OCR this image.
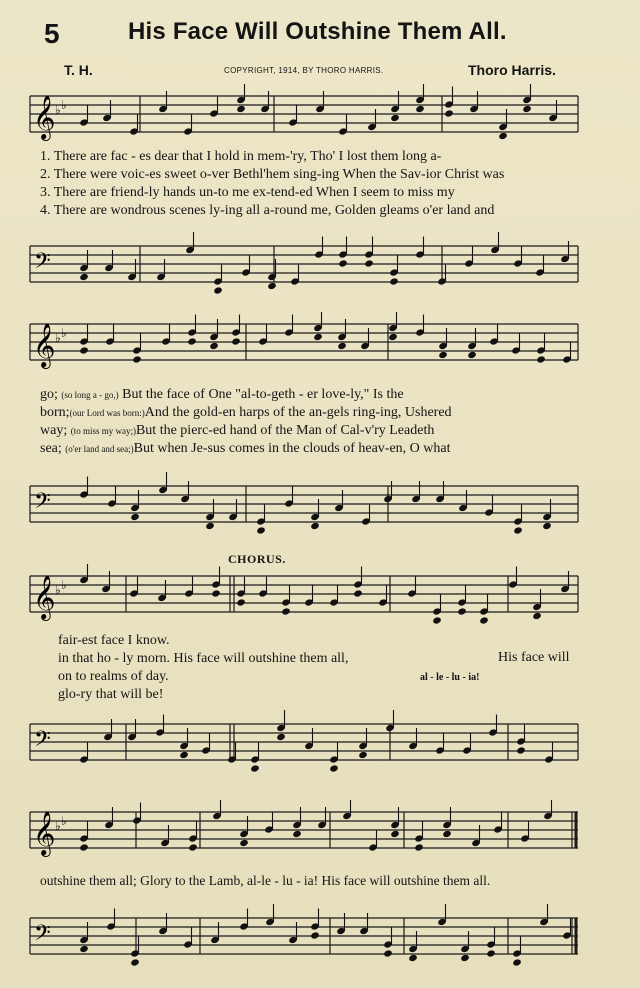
5	His Face Will Outshine Them All.
T. H.	COPYRIGHT, 1914, BY THORO HARRIS.	Thoro Harris.
𝄞 ♭ ♭
1. There are fac - es dear that I hold in mem-'ry, Tho' I lost them long a-
2. There were voic-es sweet o-ver Bethl'hem sing-ing When the Sav-ior Christ was
3. There are friend-ly hands un-to me ex-tend-ed When I seem to miss my
4. There are wondrous scenes ly-ing all a-round me, Golden gleams o'er land and
𝄢
𝄞 ♭ ♭
go; (so long a - go,) But the face of One "al-to-geth - er love-ly," Is the
born;(our Lord was born:)And the gold-en harps of the an-gels ring-ing, Ushered
way; (to miss my way;)But the pierc-ed hand of the Man of Cal-v'ry Leadeth
sea; (o'er land and sea;)But when Je-sus comes in the clouds of heav-en, O what
𝄢
CHORUS.
𝄞 ♭ ♭
fair-est face I know.
in that ho - ly morn. His face will outshine them all,
on to realms of day.
glo-ry that will be!
His face will
al - le - lu - ia!
𝄢
𝄞 ♭ ♭
outshine them all; Glory to the Lamb, al-le - lu - ia! His face will outshine them all.
𝄢
